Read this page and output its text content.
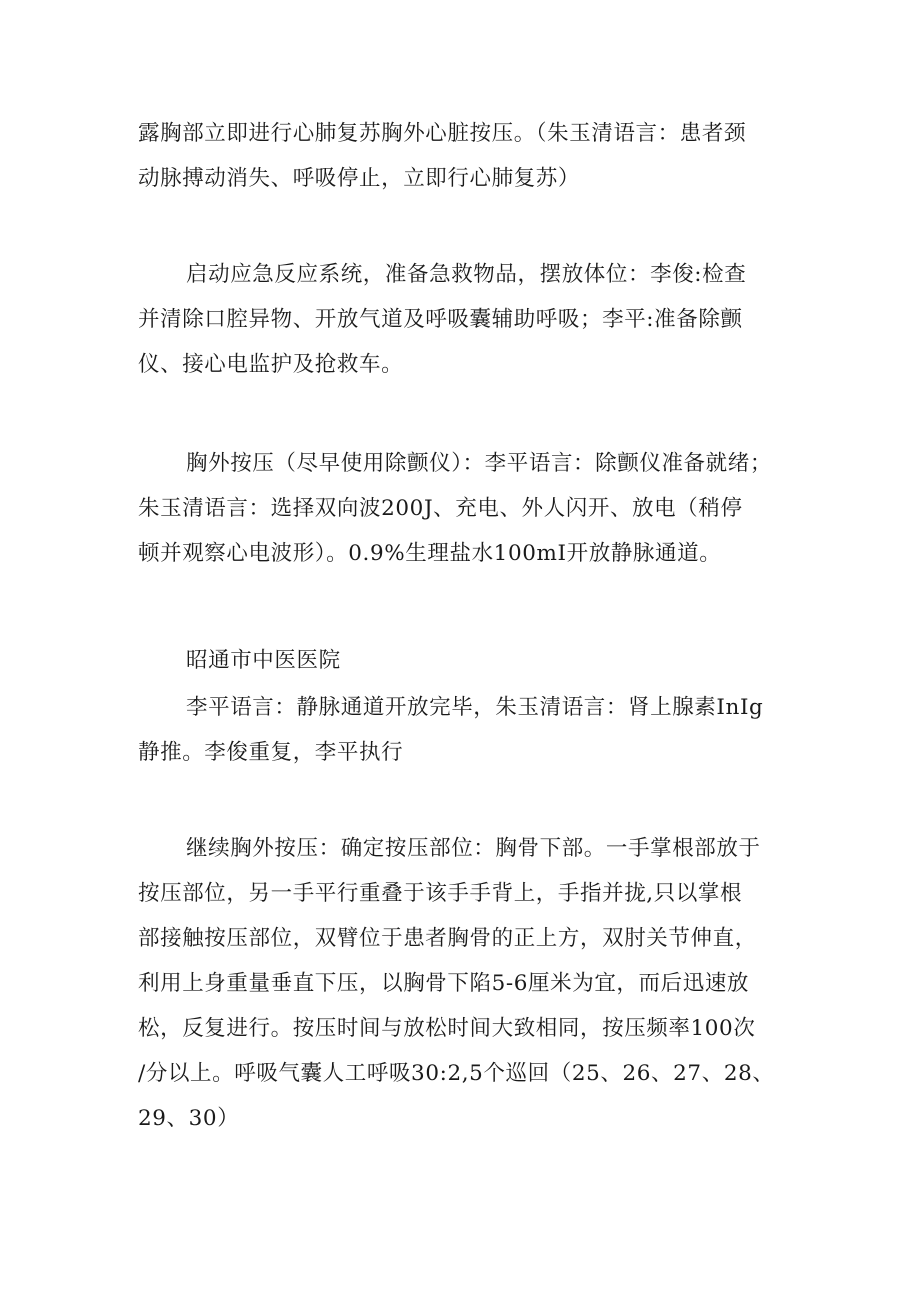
露胸部立即进行心肺复苏胸外心脏按压。（朱玉清语言：患者颈
动脉搏动消失、呼吸停止，立即行心肺复苏）
启动应急反应系统，准备急救物品，摆放体位：李俊:检查
并清除口腔异物、开放气道及呼吸囊辅助呼吸；李平:准备除颤
仪、接心电监护及抢救车。
胸外按压（尽早使用除颤仪）：李平语言：除颤仪准备就绪；
朱玉清语言：选择双向波200J、充电、外人闪开、放电（稍停
顿并观察心电波形）。0.9%生理盐水100mI开放静脉通道。
昭通市中医医院
李平语言：静脉通道开放完毕，朱玉清语言：肾上腺素InIg
静推。李俊重复，李平执行
继续胸外按压：确定按压部位：胸骨下部。一手掌根部放于
按压部位，另一手平行重叠于该手手背上，手指并拢,只以掌根
部接触按压部位，双臂位于患者胸骨的正上方，双肘关节伸直，
利用上身重量垂直下压，以胸骨下陷5-6厘米为宜，而后迅速放
松，反复进行。按压时间与放松时间大致相同，按压频率100次
/分以上。呼吸气囊人工呼吸30:2,5个巡回（25、26、27、28、
29、30）
